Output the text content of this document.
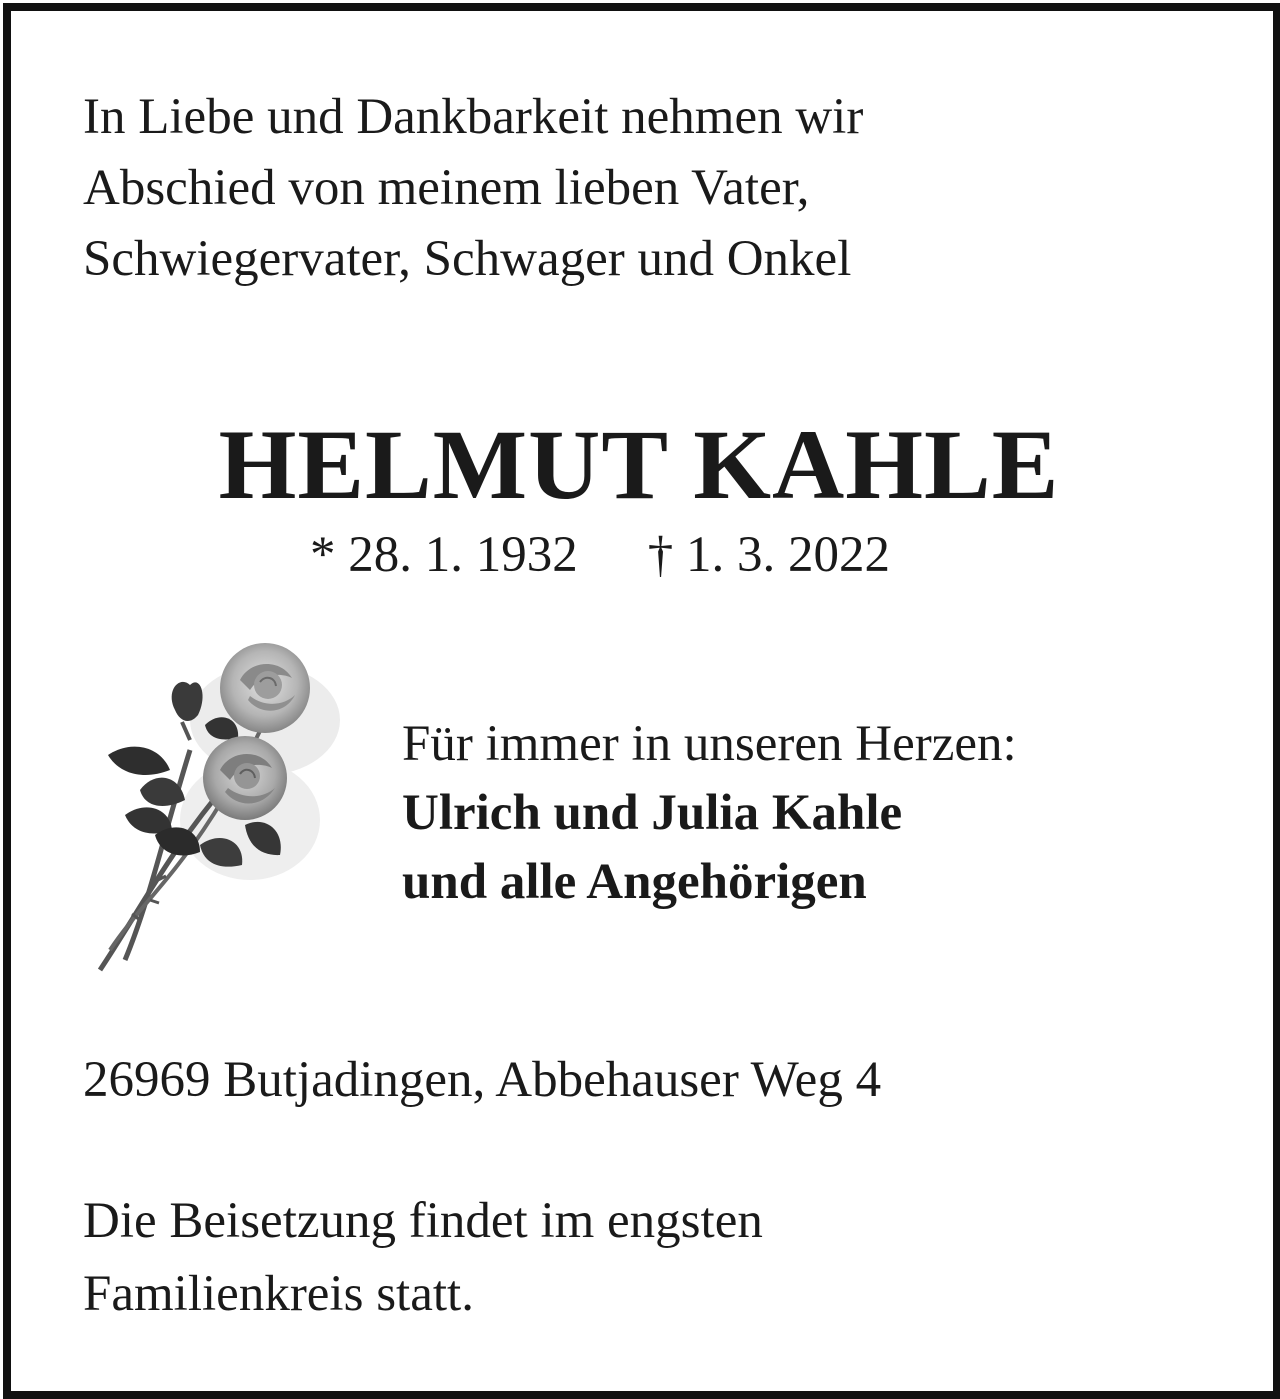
In Liebe und Dankbarkeit nehmen wir
Abschied von meinem lieben Vater,
Schwiegervater, Schwager und Onkel
HELMUT KAHLE
* 28. 1. 1932 † 1. 3. 2022
Für immer in unseren Herzen:
Ulrich und Julia Kahle
und alle Angehörigen
26969 Butjadingen, Abbehauser Weg 4
Die Beisetzung findet im engsten
Familienkreis statt.
